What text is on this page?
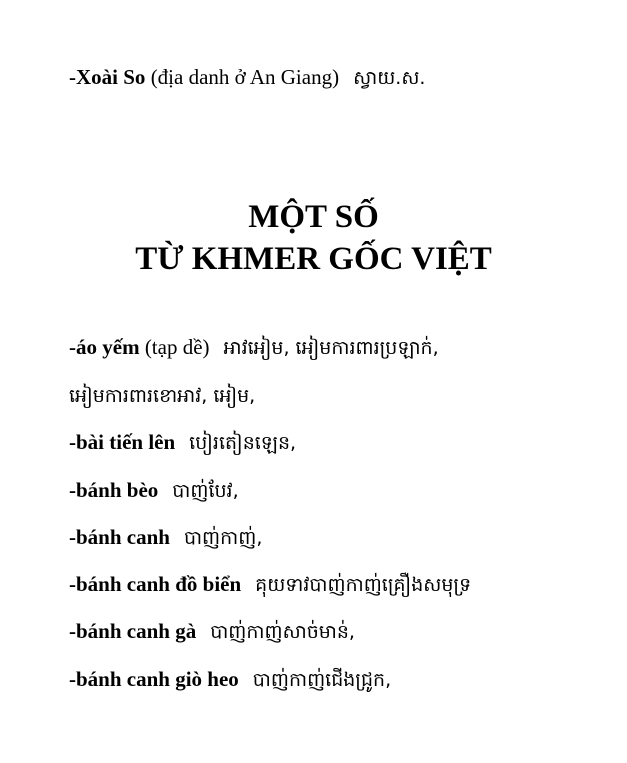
-Xoài So (địa danh ở An Giang) ស្វាយ.ស.
MỘT SỐ
TỪ KHMER GỐC VIỆT
-áo yếm (tạp dề) អាវអៀម, អៀមការពារប្រឡាក់,
អៀមការពារខោអាវ, អៀម,
-bài tiến lên បៀរតៀនឡេន,
-bánh bèo បាញ់បែវ,
-bánh canh បាញ់កាញ់,
-bánh canh đồ biển គុយទាវបាញ់កាញ់គ្រឿងសមុទ្រ
-bánh canh gà បាញ់កាញ់សាច់មាន់,
-bánh canh giò heo បាញ់កាញ់ជើងជ្រូក,
